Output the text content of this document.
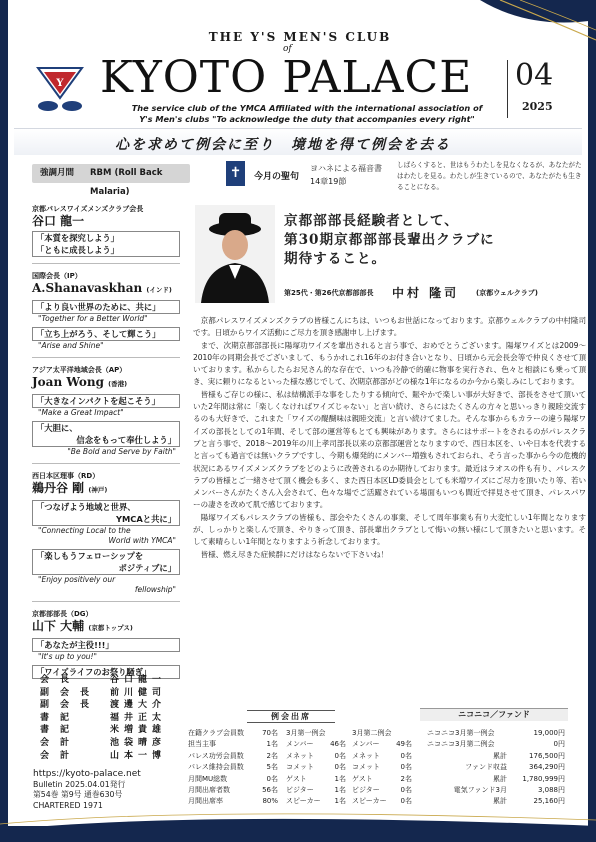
Y
THE Y'S MEN'S CLUB
of
KYOTO PALACE 04
2025
The service club of the YMCA Affiliated with the international association of
Y's Men's clubs "To acknowledge the duty that accompanies every right"
心を求めて例会に至り　境地を得て例会を去る
強調月間 RBM (Roll Back Malaria)
✝	今月の聖句
ヨハネによる福音書
14章19節
しばらくすると、世はもうわたしを見なくなるが、あなたがたはわたしを見る。わたしが生きているので、あなたがたも生きることになる。
京都パレスワイズメンズクラブ会長
谷口 龍一
「本質を探究しよう」
「ともに成長しよう」
国際会長（IP）
A.Shanavaskhan (インド)
「より良い世界のために、共に」
"Together for a Better World"
「立ち上がろう、そして輝こう」
"Arise and Shine"
アジア太平洋地域会長（AP）
Joan Wong (香港)
「大きなインパクトを起こそう」
"Make a Great Impact"
「大胆に、
信念をもって奉仕しよう」
"Be Bold and Serve by Faith"
西日本区理事（RD）
鵜丹谷 剛 (神戸)
「つなげよう地域と世界、
YMCAと共に」
"Connecting Local to the
World with YMCA"
「楽しもうフェローシップを
ポジティブに」
"Enjoy positively our
fellowship"
京都部部長（DG）
山下 大輔 (京都トップス)
「あなたが主役!!!」
"It's up to you!"
「ワイズライフのお祭り騒ぎ」
会長	谷口龍一
副会長 前川健司
副会長 渡邊大介
書記	福井正太
書記	米増貴雄
会計	池袋晴彦
会計	山本一博
https://kyoto-palace.net
Bulletin 2025.04.01発行
第54巻 第9号 通巻630号
CHARTERED 1971
京都部部長経験者として、
第30期京都部部長輩出クラブに
期待すること。
第25代・第26代京都部部長 中村 隆司 (京都ウェルクラブ)

京都パレスワイズメンズクラブの皆様こんにちは、いつもお世話になっております。京都ウェルクラブの中村隆司です。日頃からワイズ活動にご尽力を頂き感謝申し上げます。

まで、次期京都部部長に陽塚功ワイズを輩出されると言う事で、おめでとうございます。陽塚ワイズとは2009～2010年の同期会長でございまして、もうかれこれ16年のお付き合いとなり、日頃から元会長会等で仲良くさせて頂いております。私からしたらお兄さん的な存在で、いつも冷静で的確に物事を実行され、色々と相談にも乗って頂き、実に頼りになるといった様な感じでして、次期京都部がどの様な1年になるのか今から楽しみにしております。

皆様もご存じの様に、私は結構派手な事をしたりする傾向で、賑やかで楽しい事が大好きで、部長をさせて頂いていた2年間は常に「楽しくなければワイズじゃない」と言い続け、さらにはたくさんの方々と思いっきり親睦交流するのも大好きで、これまた「ワイズの醍醐味は親睦交流」と言い続けてました。そんな事からもカラーの違う陽塚ワイズの部長としての1年間、そして部の運営等もとても興味があります。さらにはサポートをされるのがパレスクラブと言う事で、2018～2019年の川上孝司部長以来の京都部運営となりますので、西日本区を、いや日本を代表すると言っても過言では無いクラブですし、今期も爆発的にメンバー増強もされておられ、そう言った事から今の危機的状況にあるワイズメンズクラブをどのように改善されるのか期待しております。最近はラオスの件も有り、パレスクラブの皆様とご一緒させて頂く機会も多く、また西日本区LD委員会としても米増ワイズにご尽力を頂いたり等、若いメンバーさんがたくさん入会されて、色々な場でご活躍されている場面もいつも間近で拝見させて頂き、パレスパワーの凄さを改めて肌で感じております。

陽塚ワイズもパレスクラブの皆様も、部会やたくさんの事業、そして周年事業も有り大変忙しい1年間となりますが、しっかりと楽しんで頂き、やりきって頂き、部長輩出クラブとして悔いの無い様にして頂きたいと思います。そして素晴らしい1年間となりますよう祈念しております。

皆様、燃え尽きた症候群にだけはならないで下さいね！

例会出席
在籍クラブ会員数	70名	3月第一例会		3月第二例会	
担当主事	1名	メンバー	46名	メンバー	49名
パレス功労会員数	2名	メネット	0名	メネット	0名
パレス維持会員数	5名	コメット	0名	コメット	0名
月間MU総数	0名	ゲスト	1名	ゲスト	2名
月間出席者数	56名	ビジター	1名	ビジター	0名
月間出席率	80%	スピーカー	1名	スピーカー	0名
ニコニコ／ファンド
ニコニコ3月第一例会	19,000円
ニコニコ3月第二例会	0円
累計	176,500円
ファンド収益	364,290円
累計	1,780,999円
電気ファンド3月	3,088円
累計	25,160円
